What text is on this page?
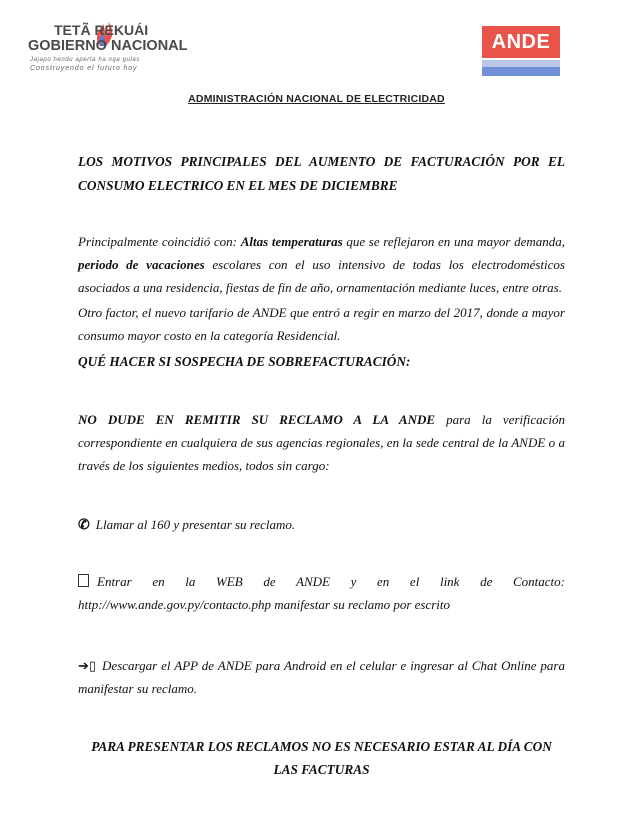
TETÃ REKUÁI
GOBIERNO NACIONAL
Jajapo hendu aperta ha oga gulas
Construyendo el futuro hoy
ANDE
ADMINISTRACIÓN NACIONAL DE ELECTRICIDAD
LOS MOTIVOS PRINCIPALES DEL AUMENTO DE FACTURACIÓN POR EL CONSUMO ELECTRICO EN EL MES DE DICIEMBRE
Principalmente coincidió con: Altas temperaturas que se reflejaron en una mayor demanda, periodo de vacaciones escolares con el uso intensivo de todas los electrodomésticos asociados a una residencia, fiestas de fin de año, ornamentación mediante luces, entre otras.
Otro factor, el nuevo tarifario de ANDE que entró a regir en marzo del 2017, donde a mayor consumo mayor costo en la categoría Residencial.
QUÉ HACER SI SOSPECHA DE SOBREFACTURACIÓN:
NO DUDE EN REMITIR SU RECLAMO A LA ANDE para la verificación correspondiente en cualquiera de sus agencias regionales, en la sede central de la ANDE o a través de los siguientes medios, todos sin cargo:
✆ Llamar al 160 y presentar su reclamo.
Entrar en la WEB de ANDE y en el link de Contacto:
http://www.ande.gov.py/contacto.php manifestar su reclamo por escrito
➔▯ Descargar el APP de ANDE para Android en el celular e ingresar al Chat Online para manifestar su reclamo.
PARA PRESENTAR LOS RECLAMOS NO ES NECESARIO ESTAR AL DÍA CON
LAS FACTURAS
